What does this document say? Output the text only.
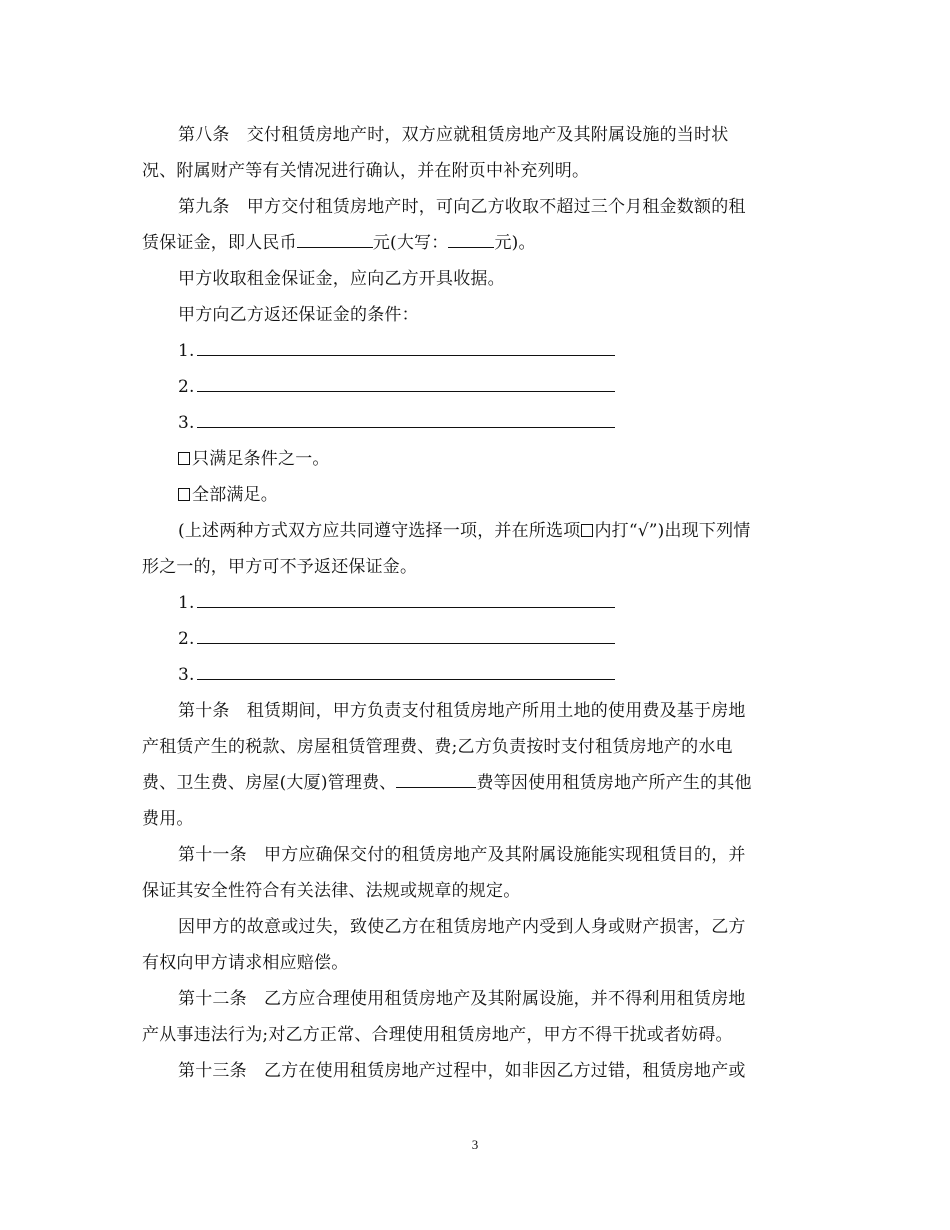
第八条　交付租赁房地产时，双方应就租赁房地产及其附属设施的当时状
况、附属财产等有关情况进行确认，并在附页中补充列明。
第九条　甲方交付租赁房地产时，可向乙方收取不超过三个月租金数额的租
赁保证金，即人民币	元(大写：	元)。
甲方收取租金保证金，应向乙方开具收据。
甲方向乙方返还保证金的条件：
1.
2.
3.
只满足条件之一。
全部满足。
(上述两种方式双方应共同遵守选择一项，并在所选项 内打“√”)出现下列情
形之一的，甲方可不予返还保证金。
1.
2.
3.
第十条　租赁期间，甲方负责支付租赁房地产所用土地的使用费及基于房地
产租赁产生的税款、房屋租赁管理费、费;乙方负责按时支付租赁房地产的水电
费、卫生费、房屋(大厦)管理费、	费等因使用租赁房地产所产生的其他
费用。
第十一条　甲方应确保交付的租赁房地产及其附属设施能实现租赁目的，并
保证其安全性符合有关法律、法规或规章的规定。
因甲方的故意或过失，致使乙方在租赁房地产内受到人身或财产损害，乙方
有权向甲方请求相应赔偿。
第十二条　乙方应合理使用租赁房地产及其附属设施，并不得利用租赁房地
产从事违法行为;对乙方正常、合理使用租赁房地产，甲方不得干扰或者妨碍。
第十三条　乙方在使用租赁房地产过程中，如非因乙方过错，租赁房地产或
3
